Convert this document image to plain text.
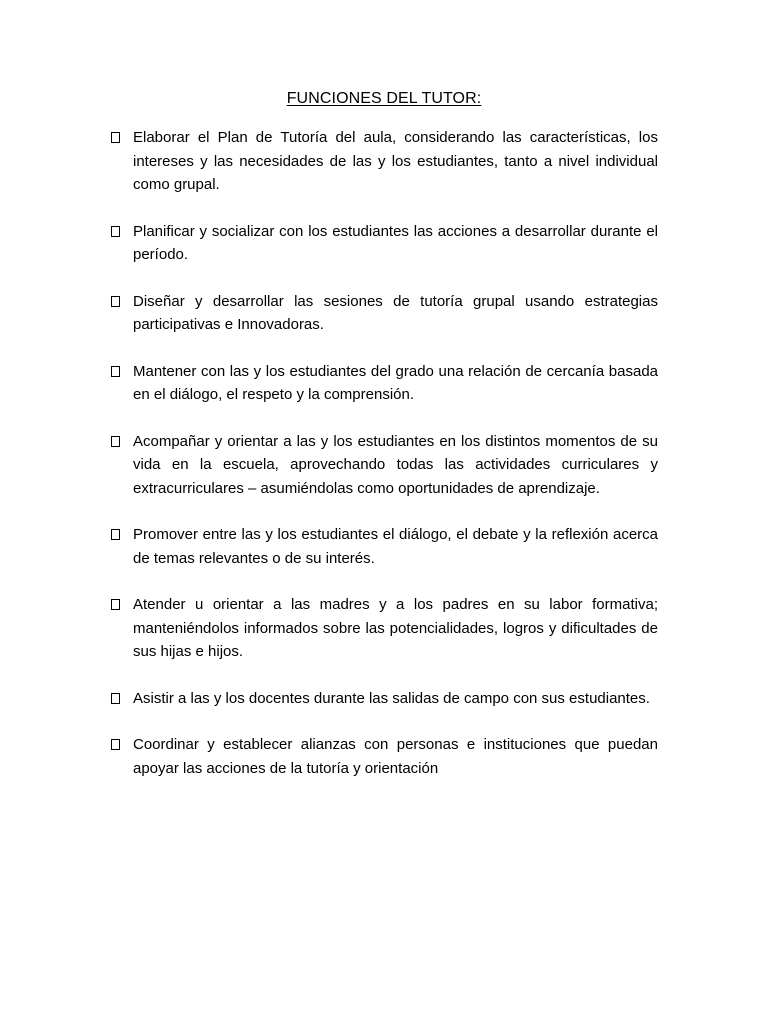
FUNCIONES DEL TUTOR:
Elaborar el Plan de Tutoría del aula, considerando las características, los intereses y las necesidades de las y los estudiantes, tanto a nivel individual como grupal.
Planificar y socializar con los estudiantes las acciones a desarrollar durante el período.
Diseñar y desarrollar las sesiones de tutoría grupal usando estrategias participativas e Innovadoras.
Mantener con las y los estudiantes del grado una relación de cercanía basada en el diálogo, el respeto y la comprensión.
Acompañar y orientar a las y los estudiantes en los distintos momentos de su vida en la escuela, aprovechando todas las actividades curriculares y extracurriculares – asumiéndolas como oportunidades de aprendizaje.
Promover entre las y los estudiantes el diálogo, el debate y la reflexión acerca de temas relevantes o de su interés.
Atender u orientar a las madres y a los padres en su labor formativa; manteniéndolos informados sobre las potencialidades, logros y dificultades de sus hijas e hijos.
Asistir a las y los docentes durante las salidas de campo con sus estudiantes.
Coordinar y establecer alianzas con personas e instituciones que puedan apoyar las acciones de la tutoría y orientación
